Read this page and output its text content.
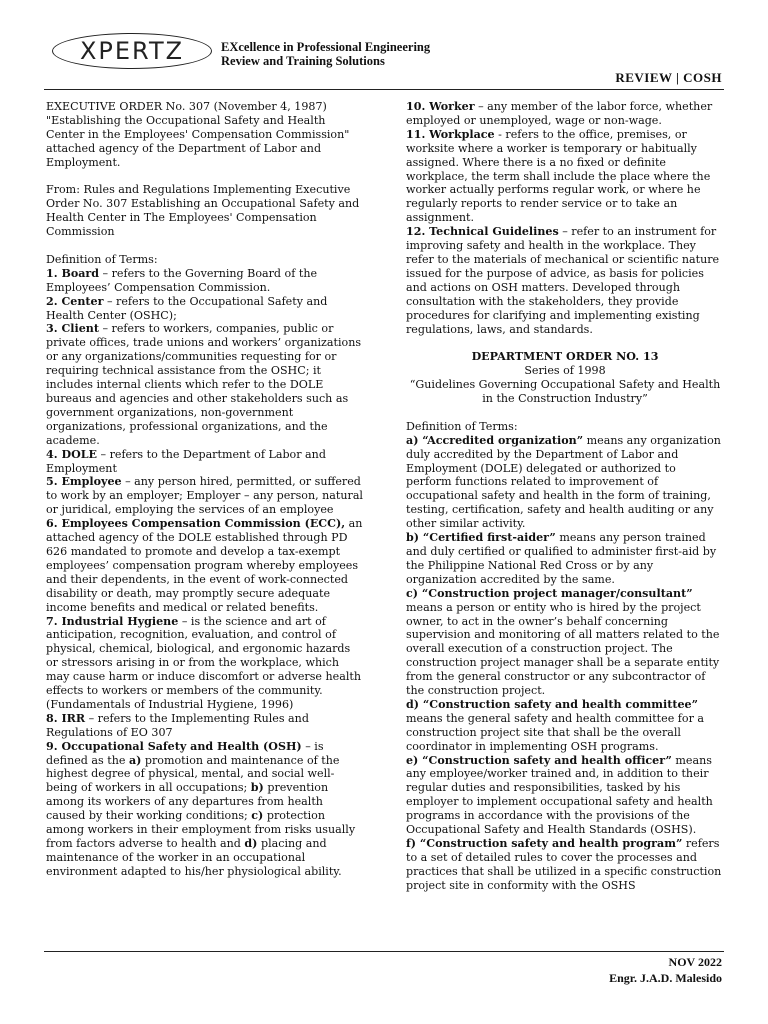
XPERTZ	EXcellence in Professional Engineering
Review and Training Solutions
REVIEW | COSH

EXECUTIVE ORDER No. 307 (November 4, 1987) "Establishing the Occupational Safety and Health Center in the Employees' Compensation Commission" attached agency of the Department of Labor and Employment.

From: Rules and Regulations Implementing Executive Order No. 307 Establishing an Occupational Safety and Health Center in The Employees' Compensation Commission

Definition of Terms:

1. Board – refers to the Governing Board of the Employees’ Compensation Commission.

2. Center – refers to the Occupational Safety and Health Center (OSHC);

3. Client – refers to workers, companies, public or private offices, trade unions and workers’ organizations or any organizations/communities requesting for or requiring technical assistance from the OSHC; it includes internal clients which refer to the DOLE bureaus and agencies and other stakeholders such as government organizations, non-government organizations, professional organizations, and the academe.

4. DOLE – refers to the Department of Labor and Employment

5. Employee – any person hired, permitted, or suffered to work by an employer; Employer – any person, natural or juridical, employing the services of an employee

6. Employees Compensation Commission (ECC), an attached agency of the DOLE established through PD 626 mandated to promote and develop a tax-exempt employees’ compensation program whereby employees and their dependents, in the event of work-connected disability or death, may promptly secure adequate income benefits and medical or related benefits.

7. Industrial Hygiene – is the science and art of anticipation, recognition, evaluation, and control of physical, chemical, biological, and ergonomic hazards or stressors arising in or from the workplace, which may cause harm or induce discomfort or adverse health effects to workers or members of the community. (Fundamentals of Industrial Hygiene, 1996)

8. IRR – refers to the Implementing Rules and Regulations of EO 307

9. Occupational Safety and Health (OSH) – is defined as the a) promotion and maintenance of the highest degree of physical, mental, and social well-being of workers in all occupations; b) prevention among its workers of any departures from health caused by their working conditions; c) protection among workers in their employment from risks usually from factors adverse to health and d) placing and maintenance of the worker in an occupational environment adapted to his/her physiological ability.

10. Worker – any member of the labor force, whether employed or unemployed, wage or non-wage.

11. Workplace - refers to the office, premises, or worksite where a worker is temporary or habitually assigned. Where there is a no fixed or definite workplace, the term shall include the place where the worker actually performs regular work, or where he regularly reports to render service or to take an assignment.

12. Technical Guidelines – refer to an instrument for improving safety and health in the workplace. They refer to the materials of mechanical or scientific nature issued for the purpose of advice, as basis for policies and actions on OSH matters. Developed through consultation with the stakeholders, they provide procedures for clarifying and implementing existing regulations, laws, and standards.

DEPARTMENT ORDER NO. 13

Series of 1998

“Guidelines Governing Occupational Safety and Health in the Construction Industry”

Definition of Terms:

a) “Accredited organization” means any organization duly accredited by the Department of Labor and Employment (DOLE) delegated or authorized to perform functions related to improvement of occupational safety and health in the form of training, testing, certification, safety and health auditing or any other similar activity.

b) “Certified first-aider” means any person trained and duly certified or qualified to administer first-aid by the Philippine National Red Cross or by any organization accredited by the same.

c) “Construction project manager/consultant” means a person or entity who is hired by the project owner, to act in the owner’s behalf concerning supervision and monitoring of all matters related to the overall execution of a construction project. The construction project manager shall be a separate entity from the general constructor or any subcontractor of the construction project.

d) “Construction safety and health committee” means the general safety and health committee for a construction project site that shall be the overall coordinator in implementing OSH programs.

e) “Construction safety and health officer” means any employee/worker trained and, in addition to their regular duties and responsibilities, tasked by his employer to implement occupational safety and health programs in accordance with the provisions of the Occupational Safety and Health Standards (OSHS).

f) “Construction safety and health program” refers to a set of detailed rules to cover the processes and practices that shall be utilized in a specific construction project site in conformity with the OSHS

NOV 2022
Engr. J.A.D. Malesido
